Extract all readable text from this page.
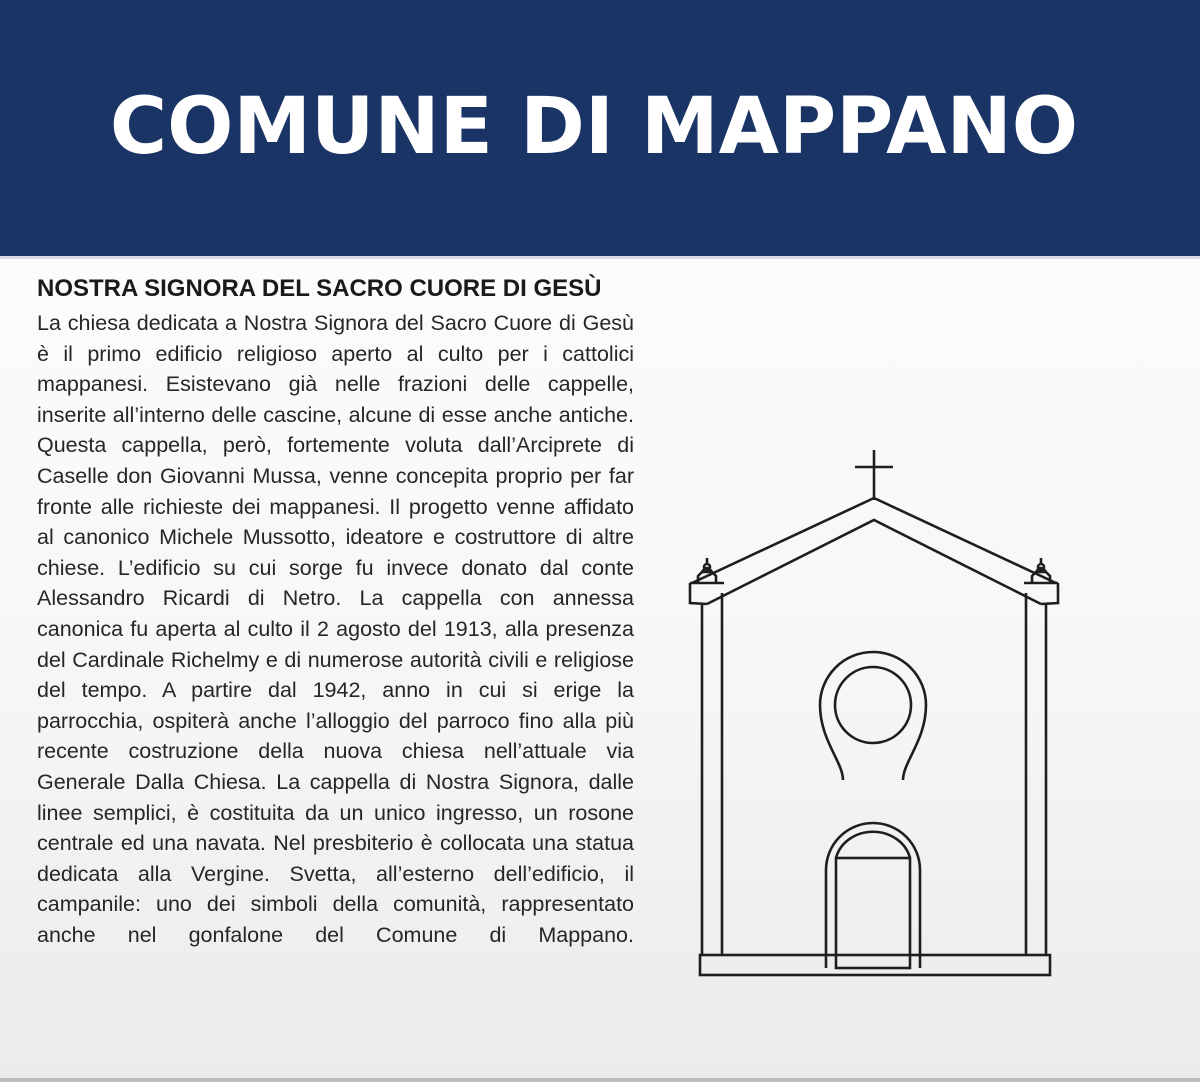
COMUNE DI MAPPANO
NOSTRA SIGNORA DEL SACRO CUORE DI GESÙ

La chiesa dedicata a Nostra Signora del Sacro Cuore di Gesù è il primo edificio religioso aperto al culto per i cattolici mappanesi. Esistevano già nelle frazioni delle cappelle, inserite all’interno delle cascine, alcune di esse anche antiche. Questa cappella, però, fortemente voluta dall’Arciprete di Caselle don Giovanni Mussa, venne concepita proprio per far fronte alle richieste dei mappanesi. Il progetto venne affidato al canonico Michele Mussotto, ideatore e costruttore di altre chiese. L’edificio su cui sorge fu invece donato dal conte Alessandro Ricardi di Netro. La cappella con annessa canonica fu aperta al culto il 2 agosto del 1913, alla presenza del Cardinale Richelmy e di numerose autorità civili e religiose del tempo. A partire dal 1942, anno in cui si erige la parrocchia, ospiterà anche l’alloggio del parroco fino alla più recente costruzione della nuova chiesa nell’attuale via Generale Dalla Chiesa. La cappella di Nostra Signora, dalle linee semplici, è costituita da un unico ingresso, un rosone centrale ed una navata. Nel presbiterio è collocata una statua dedicata alla Vergine. Svetta, all’esterno dell’edificio, il campanile: uno dei simboli della comunità, rappresentato anche nel gonfalone del Comune di Mappano.
